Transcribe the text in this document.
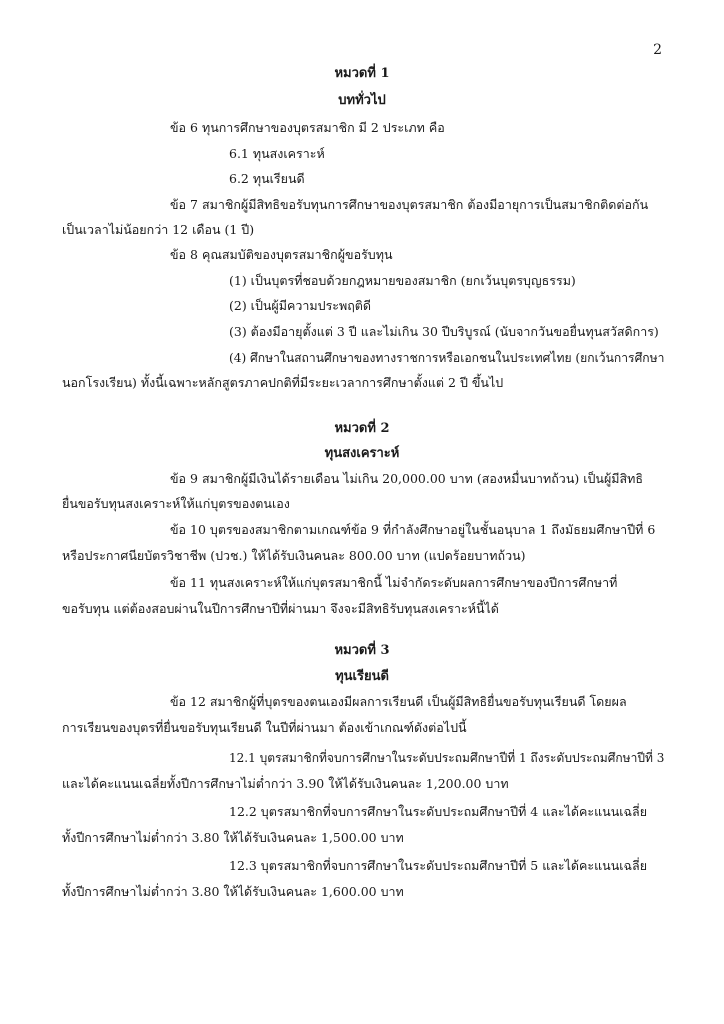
2
หมวดที่ 1
บททั่วไป
ข้อ 6 ทุนการศึกษาของบุตรสมาชิก มี 2 ประเภท คือ
6.1 ทุนสงเคราะห์
6.2 ทุนเรียนดี
ข้อ 7 สมาชิกผู้มีสิทธิขอรับทุนการศึกษาของบุตรสมาชิก ต้องมีอายุการเป็นสมาชิกติดต่อกัน
เป็นเวลาไม่น้อยกว่า 12 เดือน (1 ปี)
ข้อ 8 คุณสมบัติของบุตรสมาชิกผู้ขอรับทุน
(1) เป็นบุตรที่ชอบด้วยกฎหมายของสมาชิก (ยกเว้นบุตรบุญธรรม)
(2) เป็นผู้มีความประพฤติดี
(3) ต้องมีอายุตั้งแต่ 3 ปี และไม่เกิน 30 ปีบริบูรณ์ (นับจากวันขอยื่นทุนสวัสดิการ)
(4) ศึกษาในสถานศึกษาของทางราชการหรือเอกชนในประเทศไทย (ยกเว้นการศึกษา
นอกโรงเรียน) ทั้งนี้เฉพาะหลักสูตรภาคปกติที่มีระยะเวลาการศึกษาตั้งแต่ 2 ปี ขึ้นไป
หมวดที่ 2
ทุนสงเคราะห์
ข้อ 9 สมาชิกผู้มีเงินได้รายเดือน ไม่เกิน 20,000.00 บาท (สองหมื่นบาทถ้วน) เป็นผู้มีสิทธิ
ยื่นขอรับทุนสงเคราะห์ให้แก่บุตรของตนเอง
ข้อ 10 บุตรของสมาชิกตามเกณฑ์ข้อ 9 ที่กำลังศึกษาอยู่ในชั้นอนุบาล 1 ถึงมัธยมศึกษาปีที่ 6
หรือประกาศนียบัตรวิชาชีพ (ปวช.) ให้ได้รับเงินคนละ 800.00 บาท (แปดร้อยบาทถ้วน)
ข้อ 11 ทุนสงเคราะห์ให้แก่บุตรสมาชิกนี้ ไม่จำกัดระดับผลการศึกษาของปีการศึกษาที่
ขอรับทุน แต่ต้องสอบผ่านในปีการศึกษาปีที่ผ่านมา จึงจะมีสิทธิรับทุนสงเคราะห์นี้ได้
หมวดที่ 3
ทุนเรียนดี
ข้อ 12 สมาชิกผู้ที่บุตรของตนเองมีผลการเรียนดี เป็นผู้มีสิทธิยื่นขอรับทุนเรียนดี โดยผล
การเรียนของบุตรที่ยื่นขอรับทุนเรียนดี ในปีที่ผ่านมา ต้องเข้าเกณฑ์ดังต่อไปนี้
12.1 บุตรสมาชิกที่จบการศึกษาในระดับประถมศึกษาปีที่ 1 ถึงระดับประถมศึกษาปีที่ 3
และได้คะแนนเฉลี่ยทั้งปีการศึกษาไม่ต่ำกว่า 3.90 ให้ได้รับเงินคนละ 1,200.00 บาท
12.2 บุตรสมาชิกที่จบการศึกษาในระดับประถมศึกษาปีที่ 4 และได้คะแนนเฉลี่ย
ทั้งปีการศึกษาไม่ต่ำกว่า 3.80 ให้ได้รับเงินคนละ 1,500.00 บาท
12.3 บุตรสมาชิกที่จบการศึกษาในระดับประถมศึกษาปีที่ 5 และได้คะแนนเฉลี่ย
ทั้งปีการศึกษาไม่ต่ำกว่า 3.80 ให้ได้รับเงินคนละ 1,600.00 บาท
